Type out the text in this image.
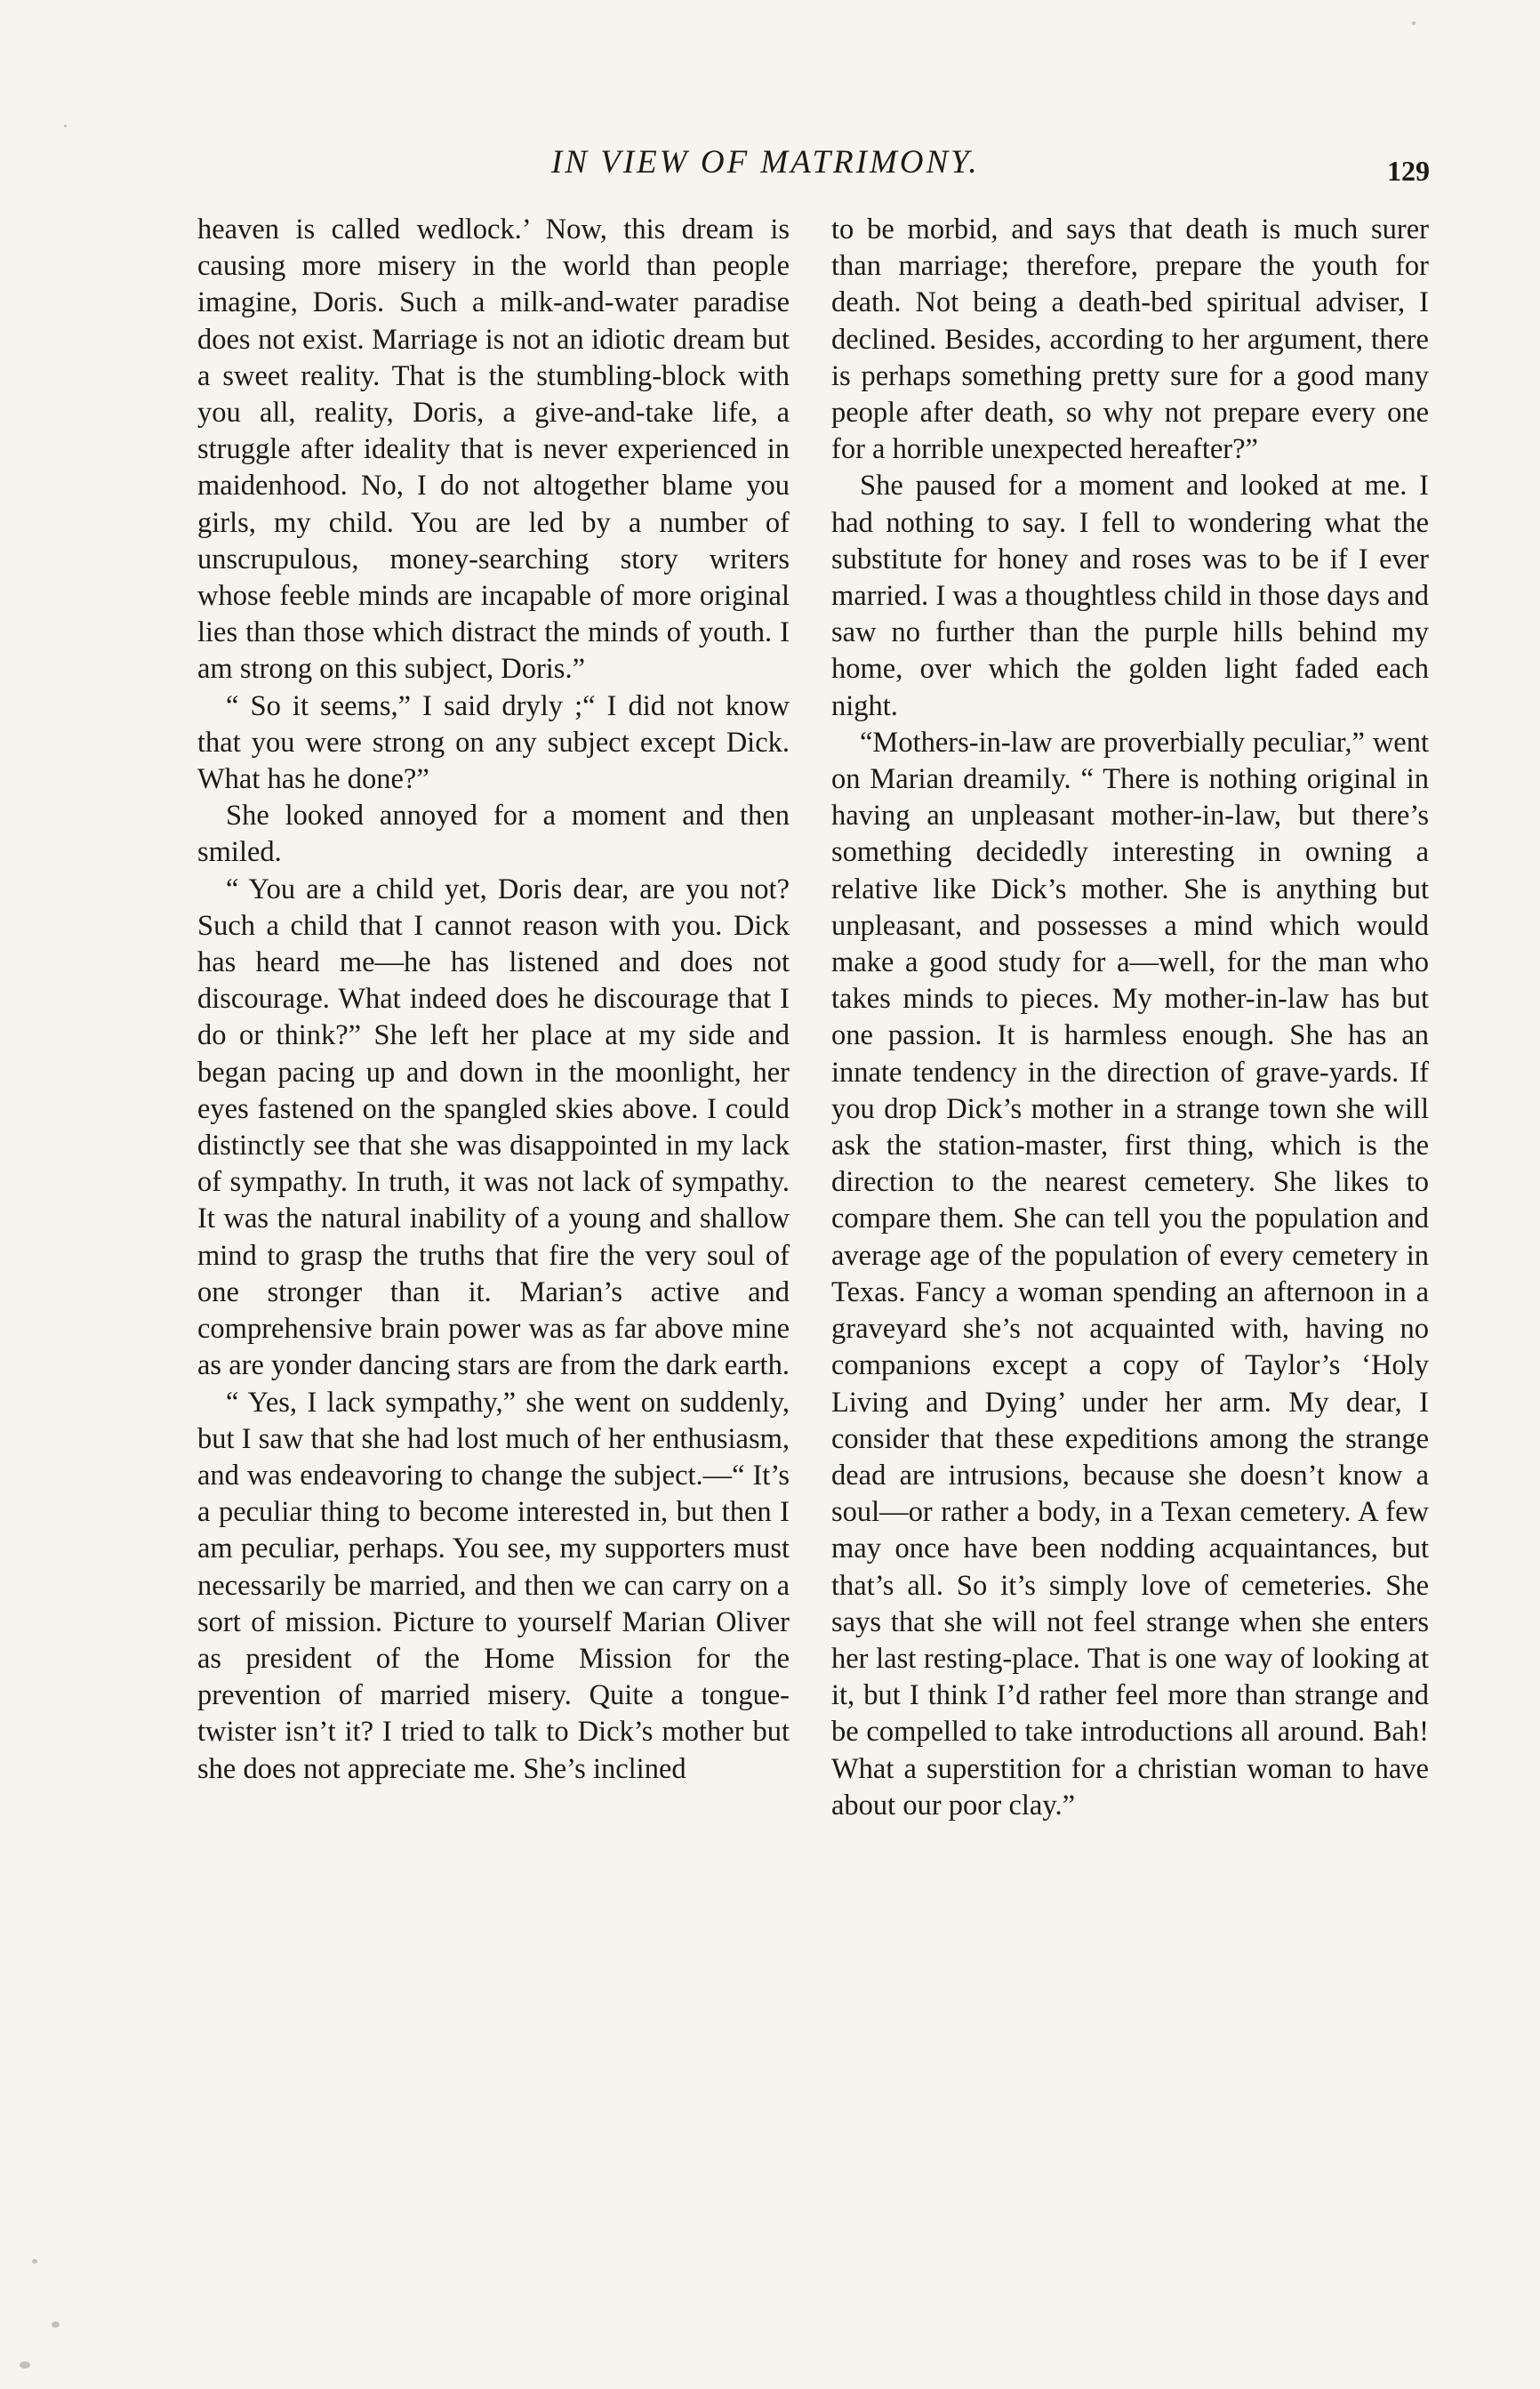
IN VIEW OF MATRIMONY.	129

heaven is called wedlock.’ Now, this dream is causing more misery in the world than people imagine, Doris. Such a milk-and-water paradise does not exist. Marriage is not an idiotic dream but a sweet reality. That is the stumbling-block with you all, reality, Doris, a give-and-take life, a struggle after ideality that is never experienced in maidenhood. No, I do not altogether blame you girls, my child. You are led by a number of unscrupulous, money-searching story writers whose feeble minds are incapable of more original lies than those which distract the minds of youth. I am strong on this subject, Doris.”

“ So it seems,” I said dryly ;“ I did not know that you were strong on any subject except Dick. What has he done?”

She looked annoyed for a moment and then smiled.

“ You are a child yet, Doris dear, are you not? Such a child that I cannot reason with you. Dick has heard me—he has listened and does not discourage. What indeed does he discourage that I do or think?” She left her place at my side and began pacing up and down in the moonlight, her eyes fastened on the spangled skies above. I could distinctly see that she was disappointed in my lack of sympathy. In truth, it was not lack of sympathy. It was the natural inability of a young and shallow mind to grasp the truths that fire the very soul of one stronger than it. Marian’s active and comprehensive brain power was as far above mine as are yonder dancing stars are from the dark earth.

“ Yes, I lack sympathy,” she went on suddenly, but I saw that she had lost much of her enthusiasm, and was endeavoring to change the subject.—“ It’s a peculiar thing to become interested in, but then I am peculiar, perhaps. You see, my supporters must necessarily be married, and then we can carry on a sort of mission. Picture to yourself Marian Oliver as president of the Home Mission for the prevention of married misery. Quite a tongue-twister isn’t it? I tried to talk to Dick’s mother but she does not appreciate me. She’s inclined

to be morbid, and says that death is much surer than marriage; therefore, prepare the youth for death. Not being a death-bed spiritual adviser, I declined. Besides, according to her argument, there is perhaps something pretty sure for a good many people after death, so why not prepare every one for a horrible unexpected hereafter?”

She paused for a moment and looked at me. I had nothing to say. I fell to wondering what the substitute for honey and roses was to be if I ever married. I was a thoughtless child in those days and saw no further than the purple hills behind my home, over which the golden light faded each night.

“Mothers-in-law are proverbially peculiar,” went on Marian dreamily. “ There is nothing original in having an unpleasant mother-in-law, but there’s something decidedly interesting in owning a relative like Dick’s mother. She is anything but unpleasant, and possesses a mind which would make a good study for a—well, for the man who takes minds to pieces. My mother-in-law has but one passion. It is harmless enough. She has an innate tendency in the direction of grave-yards. If you drop Dick’s mother in a strange town she will ask the station-master, first thing, which is the direction to the nearest cemetery. She likes to compare them. She can tell you the population and average age of the population of every cemetery in Texas. Fancy a woman spending an afternoon in a graveyard she’s not acquainted with, having no companions except a copy of Taylor’s ‘Holy Living and Dying’ under her arm. My dear, I consider that these expeditions among the strange dead are intrusions, because she doesn’t know a soul—or rather a body, in a Texan cemetery. A few may once have been nodding acquaintances, but that’s all. So it’s simply love of cemeteries. She says that she will not feel strange when she enters her last resting-place. That is one way of looking at it, but I think I’d rather feel more than strange and be compelled to take introductions all around. Bah! What a superstition for a christian woman to have about our poor clay.”
